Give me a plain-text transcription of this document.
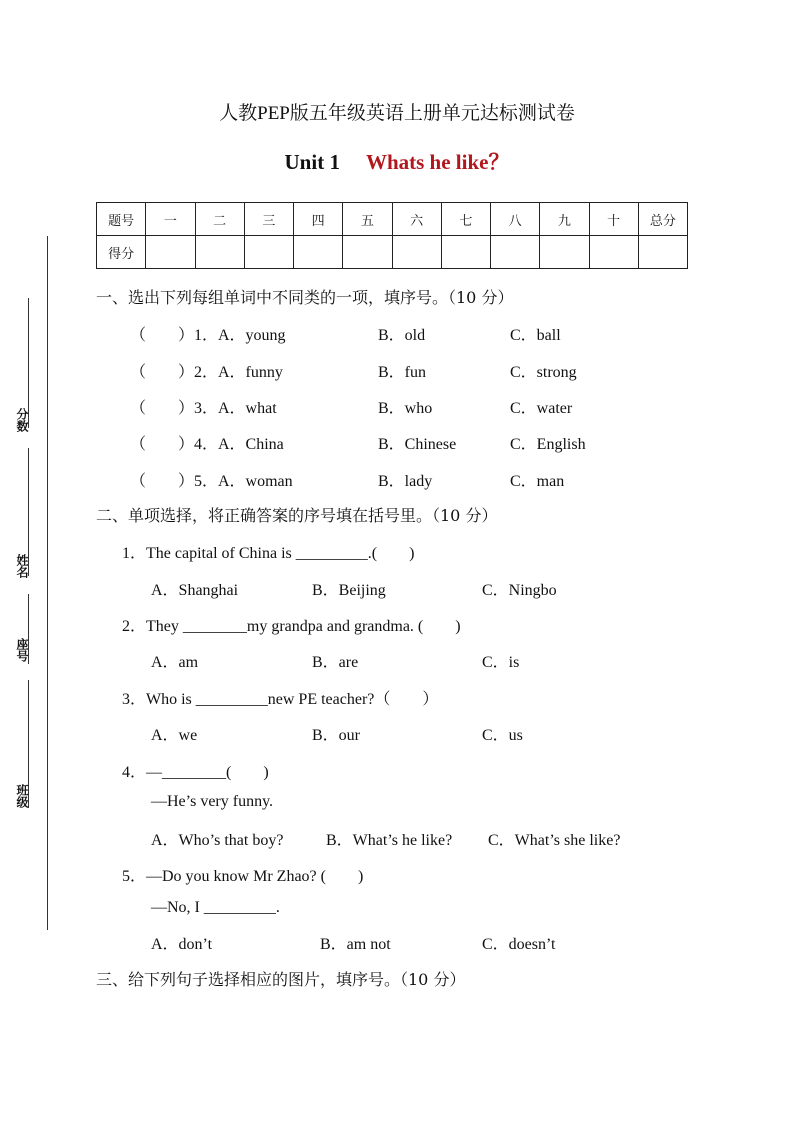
人教PEP版五年级英语上册单元达标测试卷
Unit 1 Whats he like？
题号	一	二	三	四	五	六	七	八	九	十	总分
得分											
分数
姓名
座号
班级
一、选出下列每组单词中不同类的一项，填序号。（10 分）
（　　）1．A．young	B．old	C．ball
（　　）2．A．funny	B．fun	C．strong
（　　）3．A．what	B．who	C．water
（　　）4．A．China	B．Chinese	C．English
（　　）5．A．woman	B．lady	C．man
二、单项选择，将正确答案的序号填在括号里。（10 分）
1．The capital of China is _________.(　　)
A．Shanghai	B．Beijing	C．Ningbo
2．They ________my grandpa and grandma. (　　)
A．am	B．are	C．is
3．Who is _________new PE teacher?（　　）
A．we	B．our	C．us
4．—________(　　)
—He’s very funny.
A．Who’s that boy?	B．What’s he like? C．What’s she like?
5．—Do you know Mr Zhao? (　　)
—No, I _________.
A．don’t	B．am not	C．doesn’t
三、给下列句子选择相应的图片，填序号。（10 分）
